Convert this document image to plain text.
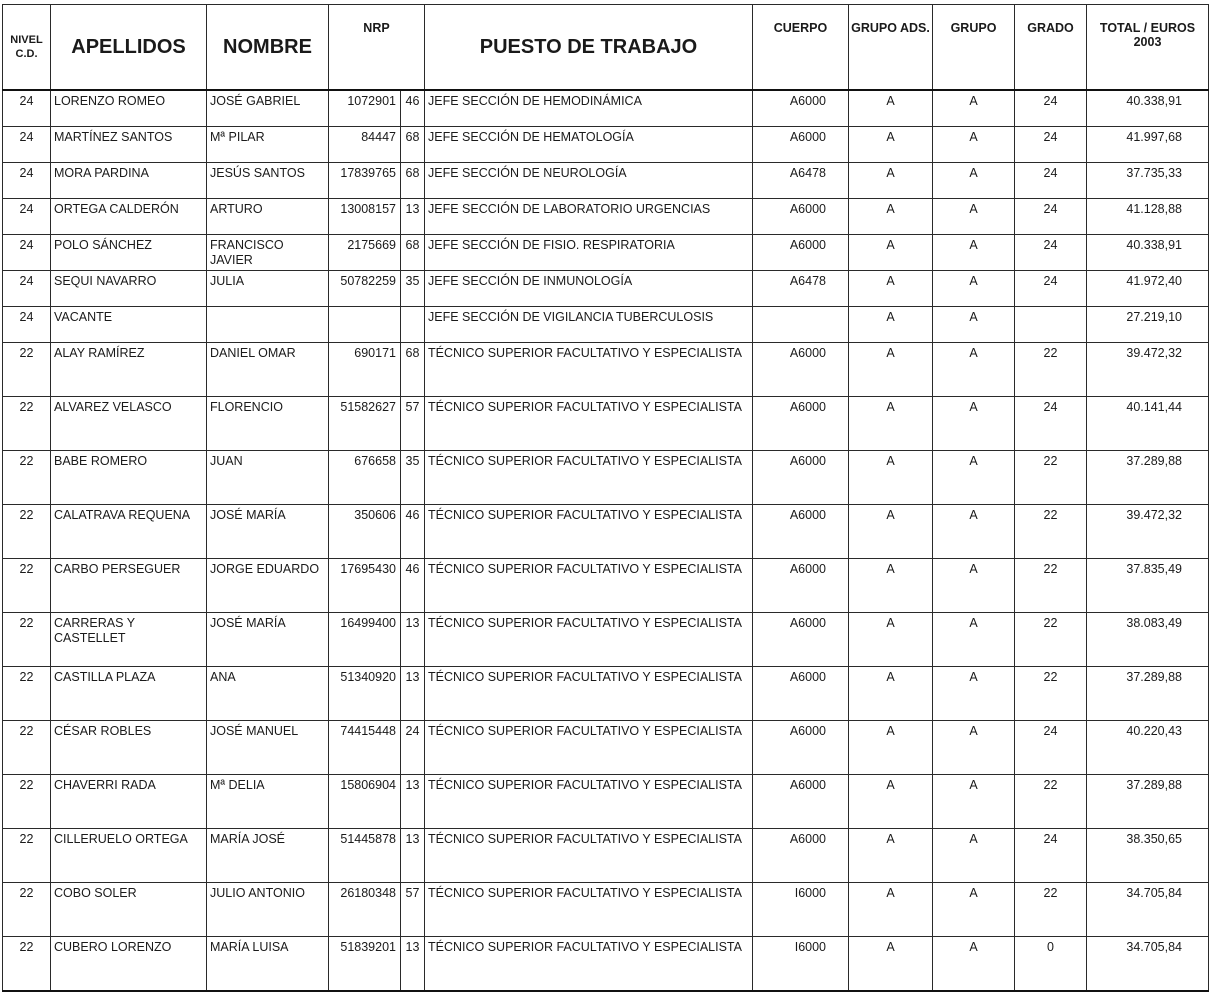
NIVEL C.D.	APELLIDOS	NOMBRE	NRP		PUESTO DE TRABAJO	CUERPO	GRUPO ADS.	GRUPO	GRADO	TOTAL / EUROS 2003
24	LORENZO ROMEO	JOSÉ GABRIEL	1072901	46	JEFE SECCIÓN DE HEMODINÁMICA	A6000	A	A	24	40.338,91
24	MARTÍNEZ SANTOS	Mª PILAR	84447	68	JEFE SECCIÓN DE HEMATOLOGÍA	A6000	A	A	24	41.997,68
24	MORA PARDINA	JESÚS SANTOS	17839765	68	JEFE SECCIÓN DE NEUROLOGÍA	A6478	A	A	24	37.735,33
24	ORTEGA CALDERÓN	ARTURO	13008157	13	JEFE SECCIÓN DE LABORATORIO URGENCIAS	A6000	A	A	24	41.128,88
24	POLO SÁNCHEZ	FRANCISCO JAVIER	2175669	68	JEFE SECCIÓN DE FISIO. RESPIRATORIA	A6000	A	A	24	40.338,91
24	SEQUI NAVARRO	JULIA	50782259	35	JEFE SECCIÓN DE INMUNOLOGÍA	A6478	A	A	24	41.972,40
24	VACANTE				JEFE SECCIÓN DE VIGILANCIA TUBERCULOSIS		A	A		27.219,10
22	ALAY RAMÍREZ	DANIEL OMAR	690171	68	TÉCNICO SUPERIOR FACULTATIVO Y ESPECIALISTA	A6000	A	A	22	39.472,32
22	ALVAREZ VELASCO	FLORENCIO	51582627	57	TÉCNICO SUPERIOR FACULTATIVO Y ESPECIALISTA	A6000	A	A	24	40.141,44
22	BABE ROMERO	JUAN	676658	35	TÉCNICO SUPERIOR FACULTATIVO Y ESPECIALISTA	A6000	A	A	22	37.289,88
22	CALATRAVA REQUENA	JOSÉ MARÍA	350606	46	TÉCNICO SUPERIOR FACULTATIVO Y ESPECIALISTA	A6000	A	A	22	39.472,32
22	CARBO PERSEGUER	JORGE EDUARDO	17695430	46	TÉCNICO SUPERIOR FACULTATIVO Y ESPECIALISTA	A6000	A	A	22	37.835,49
22	CARRERAS Y CASTELLET	JOSÉ MARÍA	16499400	13	TÉCNICO SUPERIOR FACULTATIVO Y ESPECIALISTA	A6000	A	A	22	38.083,49
22	CASTILLA PLAZA	ANA	51340920	13	TÉCNICO SUPERIOR FACULTATIVO Y ESPECIALISTA	A6000	A	A	22	37.289,88
22	CÉSAR ROBLES	JOSÉ MANUEL	74415448	24	TÉCNICO SUPERIOR FACULTATIVO Y ESPECIALISTA	A6000	A	A	24	40.220,43
22	CHAVERRI RADA	Mª DELIA	15806904	13	TÉCNICO SUPERIOR FACULTATIVO Y ESPECIALISTA	A6000	A	A	22	37.289,88
22	CILLERUELO ORTEGA	MARÍA JOSÉ	51445878	13	TÉCNICO SUPERIOR FACULTATIVO Y ESPECIALISTA	A6000	A	A	24	38.350,65
22	COBO SOLER	JULIO ANTONIO	26180348	57	TÉCNICO SUPERIOR FACULTATIVO Y ESPECIALISTA	I6000	A	A	22	34.705,84
22	CUBERO LORENZO	MARÍA LUISA	51839201	13	TÉCNICO SUPERIOR FACULTATIVO Y ESPECIALISTA	I6000	A	A	0	34.705,84
